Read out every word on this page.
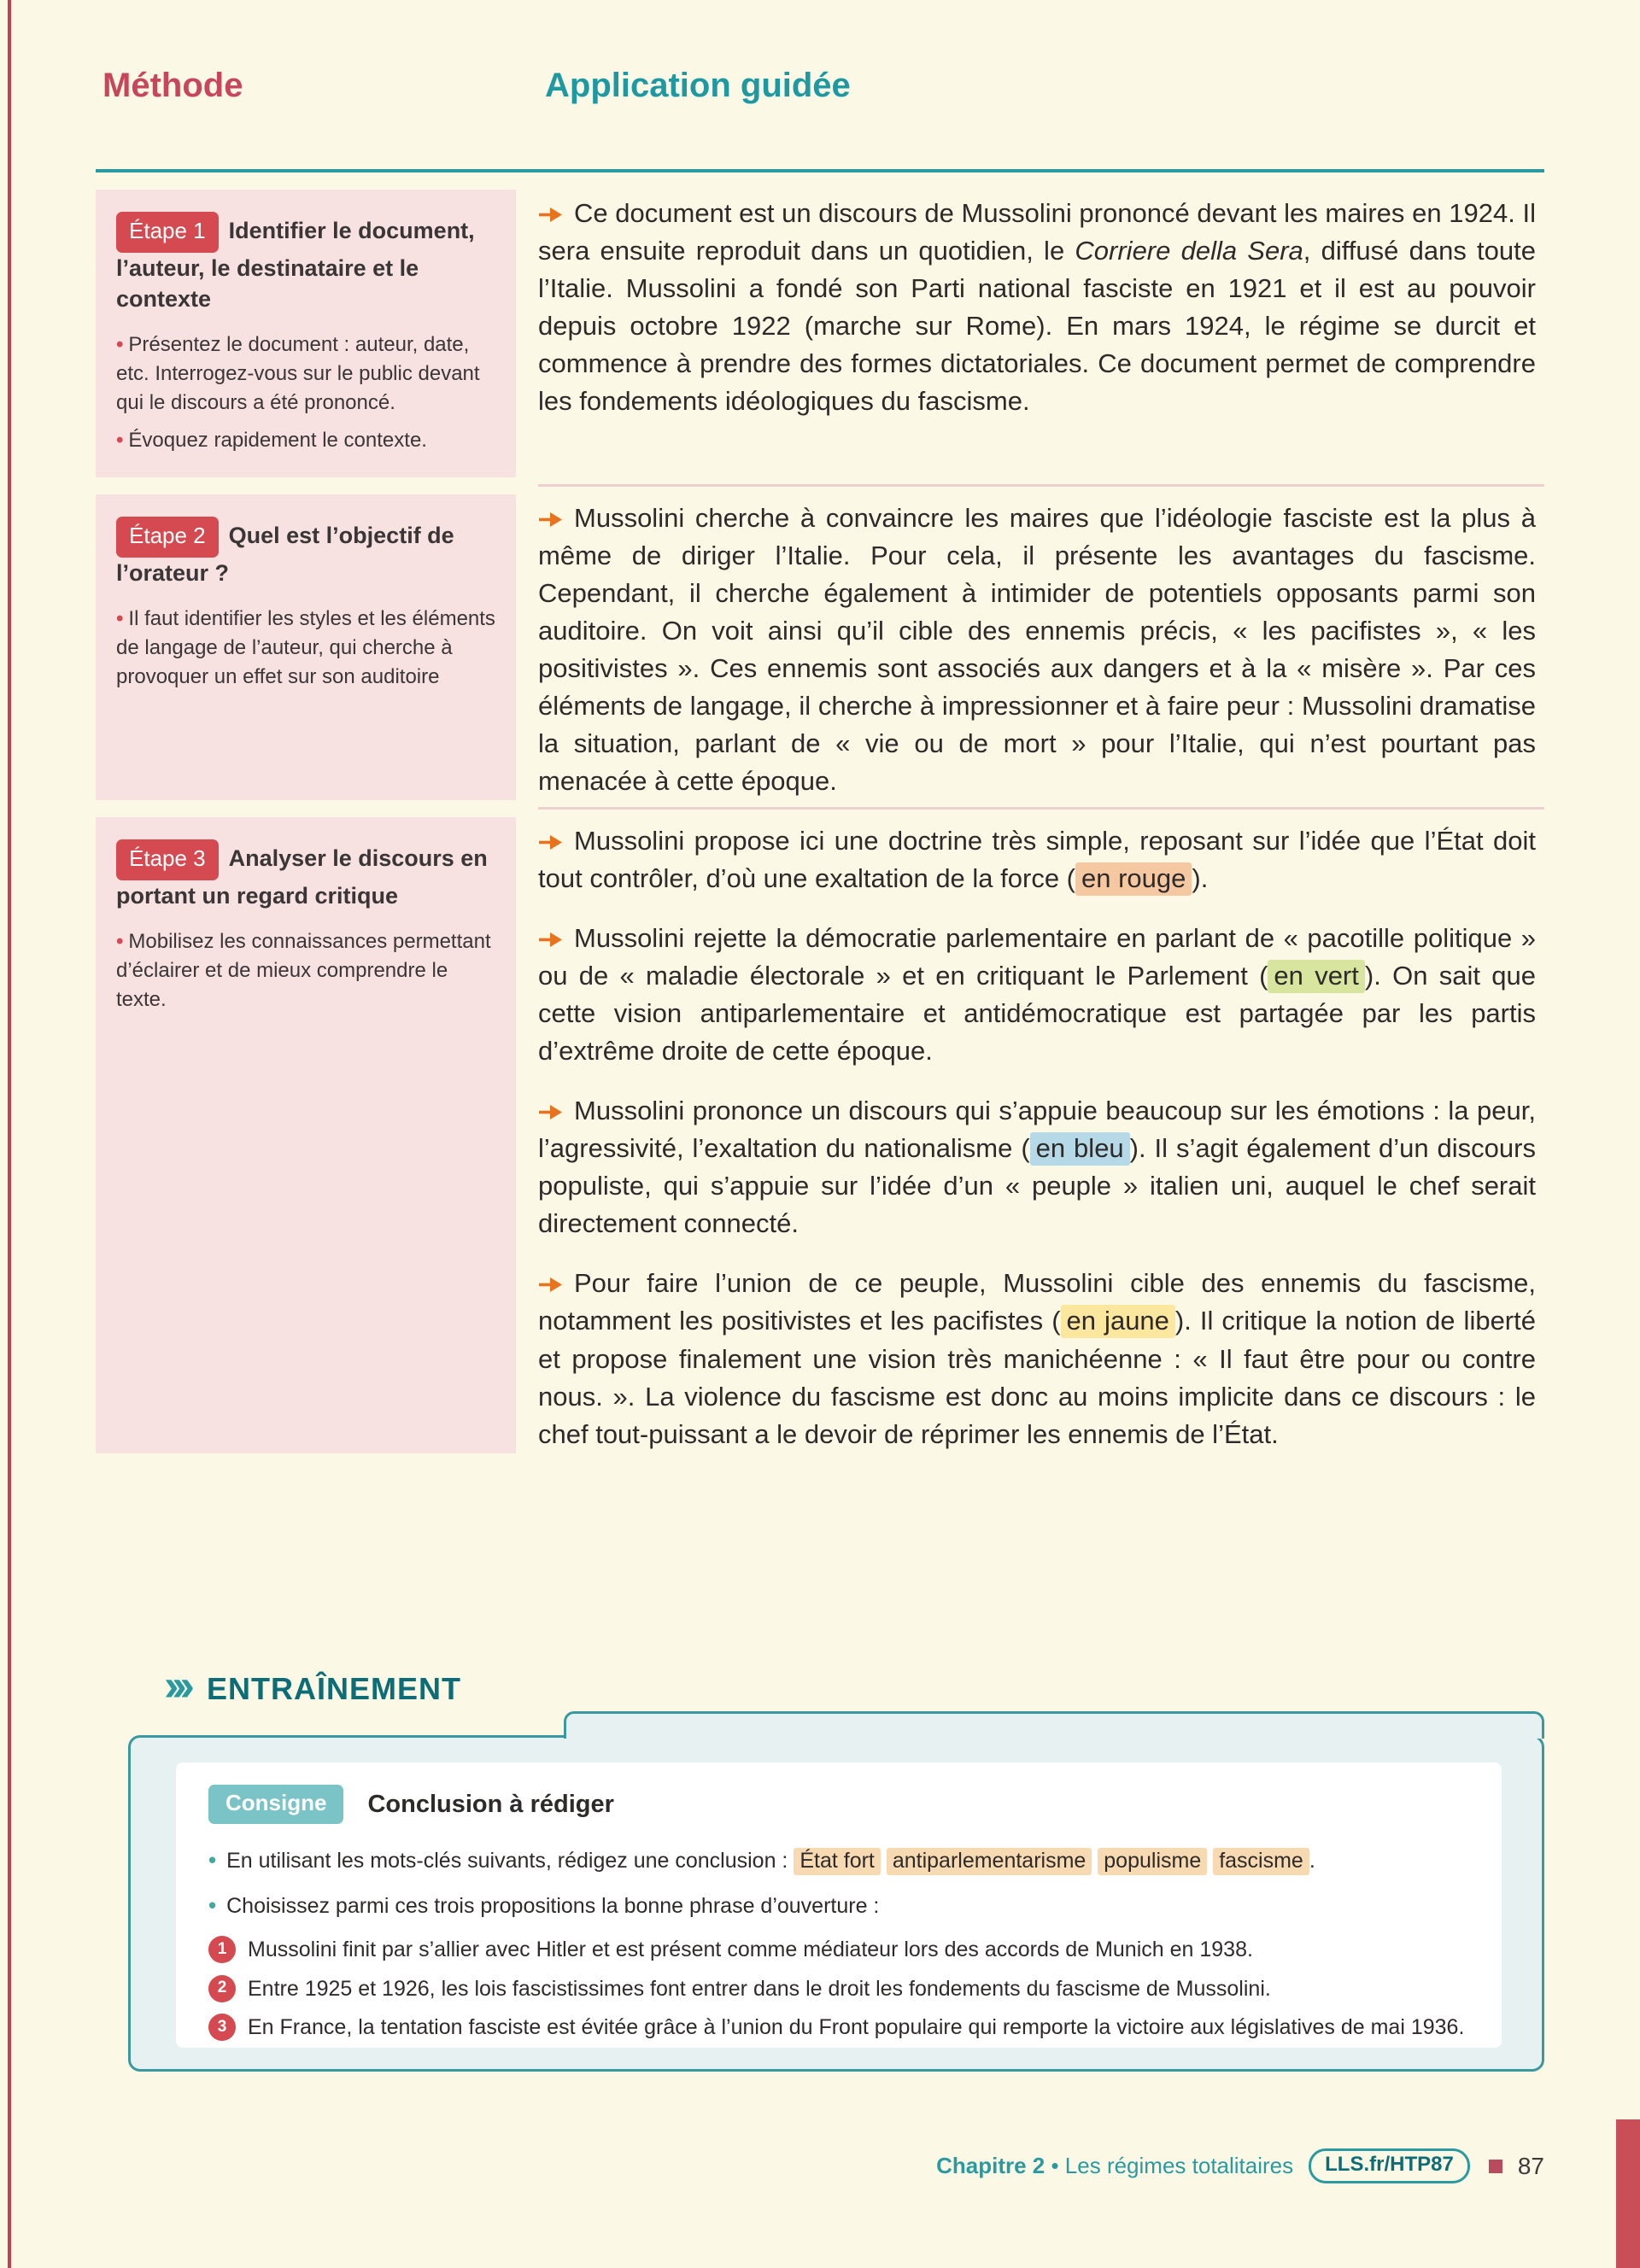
Méthode	Application guidée
Étape 1 Identifier le document, l’auteur, le destinataire et le contexte

• Présentez le document : auteur, date, etc. Interrogez-vous sur le public devant qui le discours a été prononcé.

• Évoquez rapidement le contexte.

Ce document est un discours de Mussolini prononcé devant les maires en 1924. Il sera ensuite reproduit dans un quotidien, le Corriere della Sera, diffusé dans toute l’Italie. Mussolini a fondé son Parti national fasciste en 1921 et il est au pouvoir depuis octobre 1922 (marche sur Rome). En mars 1924, le régime se durcit et commence à prendre des formes dictatoriales. Ce document permet de comprendre les fondements idéologiques du fascisme.

Étape 2 Quel est l’objectif de l’orateur ?

• Il faut identifier les styles et les éléments de langage de l’auteur, qui cherche à provoquer un effet sur son auditoire

Mussolini cherche à convaincre les maires que l’idéologie fasciste est la plus à même de diriger l’Italie. Pour cela, il présente les avantages du fascisme. Cependant, il cherche également à intimider de potentiels opposants parmi son auditoire. On voit ainsi qu’il cible des ennemis précis, « les pacifistes », « les positivistes ». Ces ennemis sont associés aux dangers et à la « misère ». Par ces éléments de langage, il cherche à impressionner et à faire peur : Mussolini dramatise la situation, parlant de « vie ou de mort » pour l’Italie, qui n’est pourtant pas menacée à cette époque.

Étape 3 Analyser le discours en portant un regard critique

• Mobilisez les connaissances permettant d’éclairer et de mieux comprendre le texte.

Mussolini propose ici une doctrine très simple, reposant sur l’idée que l’État doit tout contrôler, d’où une exaltation de la force ( en rouge ).

Mussolini rejette la démocratie parlementaire en parlant de « pacotille politique » ou de « maladie électorale » et en critiquant le Parlement ( en vert ). On sait que cette vision antiparlementaire et antidémocratique est partagée par les partis d’extrême droite de cette époque.

Mussolini prononce un discours qui s’appuie beaucoup sur les émotions : la peur, l’agressivité, l’exaltation du nationalisme ( en bleu ). Il s’agit également d’un discours populiste, qui s’appuie sur l’idée d’un « peuple » italien uni, auquel le chef serait directement connecté.

Pour faire l’union de ce peuple, Mussolini cible des ennemis du fascisme, notamment les positivistes et les pacifistes ( en jaune ). Il critique la notion de liberté et propose finalement une vision très manichéenne : « Il faut être pour ou contre nous. ». La violence du fascisme est donc au moins implicite dans ce discours : le chef tout-puissant a le devoir de réprimer les ennemis de l’État.

››› ENTRAÎNEMENT
Consigne	Conclusion à rédiger
• En utilisant les mots-clés suivants, rédigez une conclusion : État fort antiparlementarisme populisme fascisme .
• Choisissez parmi ces trois propositions la bonne phrase d’ouverture :
1 Mussolini finit par s’allier avec Hitler et est présent comme médiateur lors des accords de Munich en 1938.
2 Entre 1925 et 1926, les lois fascistissimes font entrer dans le droit les fondements du fascisme de Mussolini.
3 En France, la tentation fasciste est évitée grâce à l’union du Front populaire qui remporte la victoire aux législatives de mai 1936.
Chapitre 2 • Les régimes totalitaires	LLS.fr/HTP87	87
